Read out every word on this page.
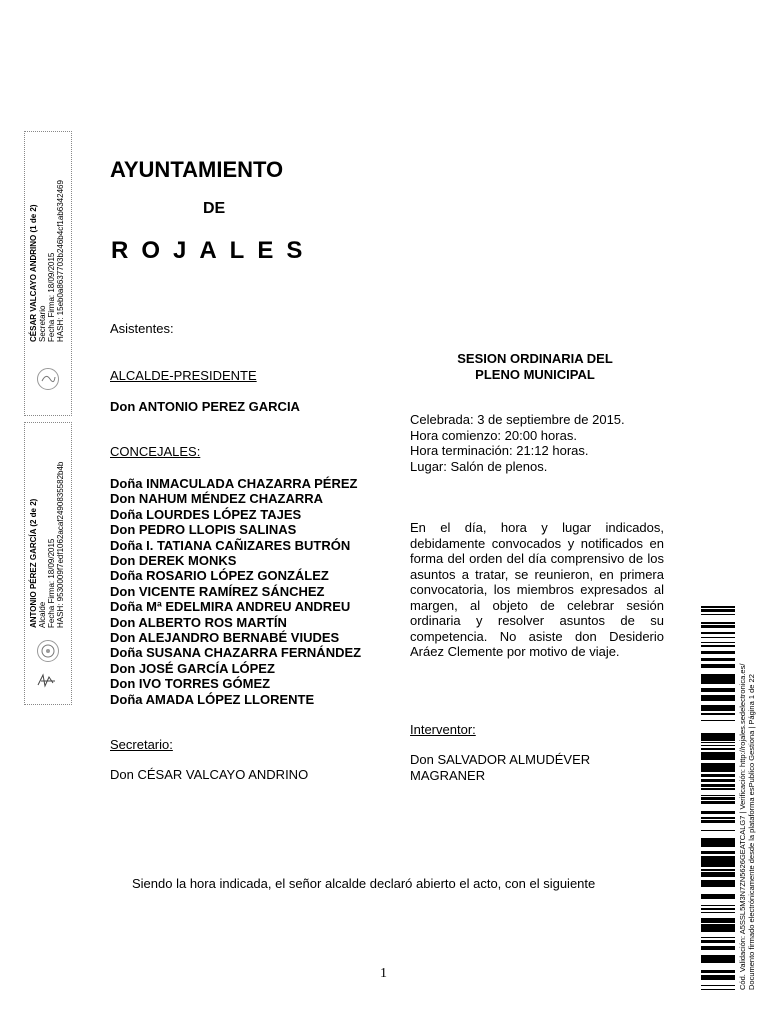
CÉSAR VALCAYO ANDRINO (1 de 2) Secretario Fecha Firma: 18/09/2015 HASH: 15eb0a8637703b246b4cf1ab6342469
ANTONIO PÉREZ GARCÍA (2 de 2) Alcalde Fecha Firma: 18/09/2015 HASH: 9530009f7edf1062acaf2490835582b4b
AYUNTAMIENTO
DE
ROJALES
Asistentes:
ALCALDE-PRESIDENTE
Don ANTONIO PEREZ GARCIA
CONCEJALES:
Doña INMACULADA CHAZARRA PÉREZ
Don NAHUM MÉNDEZ CHAZARRA
Doña LOURDES LÓPEZ TAJES
Don PEDRO LLOPIS SALINAS
Doña I. TATIANA CAÑIZARES BUTRÓN
Don DEREK MONKS
Doña ROSARIO LÓPEZ GONZÁLEZ
Don VICENTE RAMÍREZ SÁNCHEZ
Doña Mª EDELMIRA ANDREU ANDREU
Don ALBERTO ROS MARTÍN
Don ALEJANDRO BERNABÉ VIUDES
Doña SUSANA CHAZARRA FERNÁNDEZ
Don JOSÉ GARCÍA LÓPEZ
Don IVO TORRES GÓMEZ
Doña AMADA LÓPEZ LLORENTE
Secretario:
Don CÉSAR VALCAYO ANDRINO
SESION ORDINARIA DEL
PLENO MUNICIPAL
Celebrada: 3 de septiembre de 2015.
Hora comienzo: 20:00 horas.
Hora terminación: 21:12 horas.
Lugar: Salón de plenos.
En el día, hora y lugar indicados, debidamente convocados y notificados en forma del orden del día comprensivo de los asuntos a tratar, se reunieron, en primera convocatoria, los miembros expresados al margen, al objeto de celebrar sesión ordinaria y resolver asuntos de su competencia. No asiste don Desiderio Aráez Clemente por motivo de viaje.
Interventor:
Don SALVADOR ALMUDÉVER
MAGRANER
Siendo la hora indicada, el señor alcalde declaró abierto el acto, con el siguiente
1	Cód. Validación: A5SSL5M3N7ZN5626GEATCALG7 | Verificación: http://rojales.sedelectronica.es/ Documento firmado electrónicamente desde la plataforma esPublico Gestiona | Página 1 de 22
